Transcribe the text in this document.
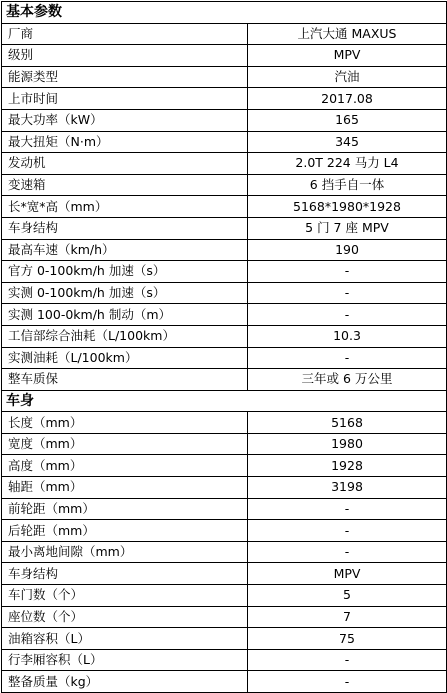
基本参数	
厂商	上汽大通 MAXUS
级别	MPV
能源类型	汽油
上市时间	2017.08
最大功率（kW）	165
最大扭矩（N·m）	345
发动机	2.0T 224 马力 L4
变速箱	6 挡手自一体
长*宽*高（mm）	5168*1980*1928
车身结构	5 门 7 座 MPV
最高车速（km/h）	190
官方 0-100km/h 加速（s）	-
实测 0-100km/h 加速（s）	-
实测 100-0km/h 制动（m）	-
工信部综合油耗（L/100km）	10.3
实测油耗（L/100km）	-
整车质保	三年或 6 万公里
车身	
长度（mm）	5168
宽度（mm）	1980
高度（mm）	1928
轴距（mm）	3198
前轮距（mm）	-
后轮距（mm）	-
最小离地间隙（mm）	-
车身结构	MPV
车门数（个）	5
座位数（个）	7
油箱容积（L）	75
行李厢容积（L）	-
整备质量（kg）	-
